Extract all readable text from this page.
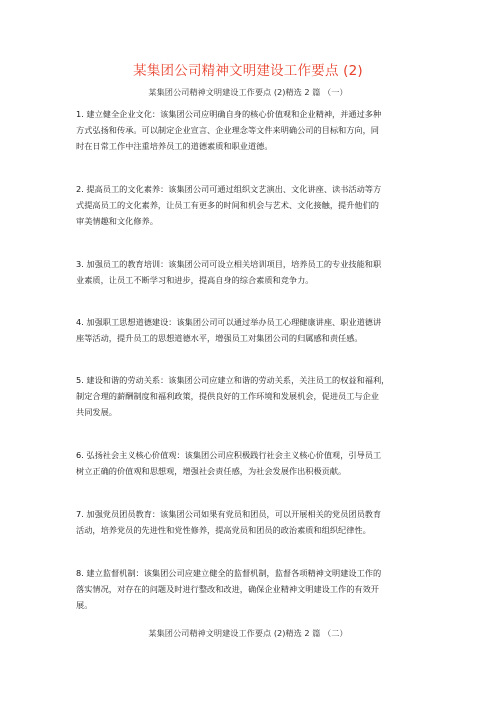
某集团公司精神文明建设工作要点 (2)
某集团公司精神文明建设工作要点 (2)精选 2 篇 （一）
1. 建立健全企业文化：该集团公司应明确自身的核心价值观和企业精神，并通过多种
方式弘扬和传承。可以制定企业宣言、企业理念等文件来明确公司的目标和方向，同
时在日常工作中注重培养员工的道德素质和职业道德。
2. 提高员工的文化素养：该集团公司可通过组织文艺演出、文化讲座、读书活动等方
式提高员工的文化素养，让员工有更多的时间和机会与艺术、文化接触，提升他们的
审美情趣和文化修养。
3. 加强员工的教育培训：该集团公司可设立相关培训项目，培养员工的专业技能和职
业素质，让员工不断学习和进步，提高自身的综合素质和竞争力。
4. 加强职工思想道德建设：该集团公司可以通过举办员工心理健康讲座、职业道德讲
座等活动，提升员工的思想道德水平，增强员工对集团公司的归属感和责任感。
5. 建设和谐的劳动关系：该集团公司应建立和谐的劳动关系，关注员工的权益和福利，
制定合理的薪酬制度和福利政策，提供良好的工作环境和发展机会，促进员工与企业
共同发展。
6. 弘扬社会主义核心价值观：该集团公司应积极践行社会主义核心价值观，引导员工
树立正确的价值观和思想观，增强社会责任感，为社会发展作出积极贡献。
7. 加强党员团员教育：该集团公司如果有党员和团员，可以开展相关的党员团员教育
活动，培养党员的先进性和党性修养，提高党员和团员的政治素质和组织纪律性。
8. 建立监督机制：该集团公司应建立健全的监督机制，监督各项精神文明建设工作的
落实情况，对存在的问题及时进行整改和改进，确保企业精神文明建设工作的有效开
展。
某集团公司精神文明建设工作要点 (2)精选 2 篇 （二）
